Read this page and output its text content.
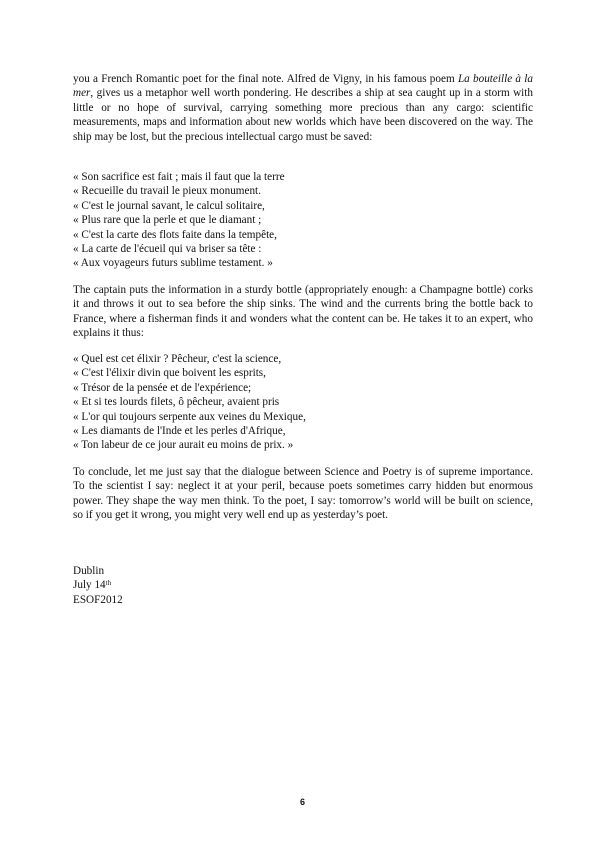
you a French Romantic poet for the final note. Alfred de Vigny, in his famous poem La bouteille à la mer, gives us a metaphor well worth pondering. He describes a ship at sea caught up in a storm with little or no hope of survival, carrying something more precious than any cargo: scientific measurements, maps and information about new worlds which have been discovered on the way. The ship may be lost, but the precious intellectual cargo must be saved:

« Son sacrifice est fait ; mais il faut que la terre
« Recueille du travail le pieux monument.
« C'est le journal savant, le calcul solitaire,
« Plus rare que la perle et que le diamant ;
« C'est la carte des flots faite dans la tempête,
« La carte de l'écueil qui va briser sa tête :
« Aux voyageurs futurs sublime testament. »

The captain puts the information in a sturdy bottle (appropriately enough: a Champagne bottle) corks it and throws it out to sea before the ship sinks. The wind and the currents bring the bottle back to France, where a fisherman finds it and wonders what the content can be. He takes it to an expert, who explains it thus:

« Quel est cet élixir ? Pêcheur, c'est la science,
« C'est l'élixir divin que boivent les esprits,
« Trésor de la pensée et de l'expérience;
« Et si tes lourds filets, ô pêcheur, avaient pris
« L'or qui toujours serpente aux veines du Mexique,
« Les diamants de l'Inde et les perles d'Afrique,
« Ton labeur de ce jour aurait eu moins de prix. »

To conclude, let me just say that the dialogue between Science and Poetry is of supreme importance. To the scientist I say: neglect it at your peril, because poets sometimes carry hidden but enormous power. They shape the way men think. To the poet, I say: tomorrow’s world will be built on science, so if you get it wrong, you might very well end up as yesterday’s poet.

Dublin
July 14th
ESOF2012
6
